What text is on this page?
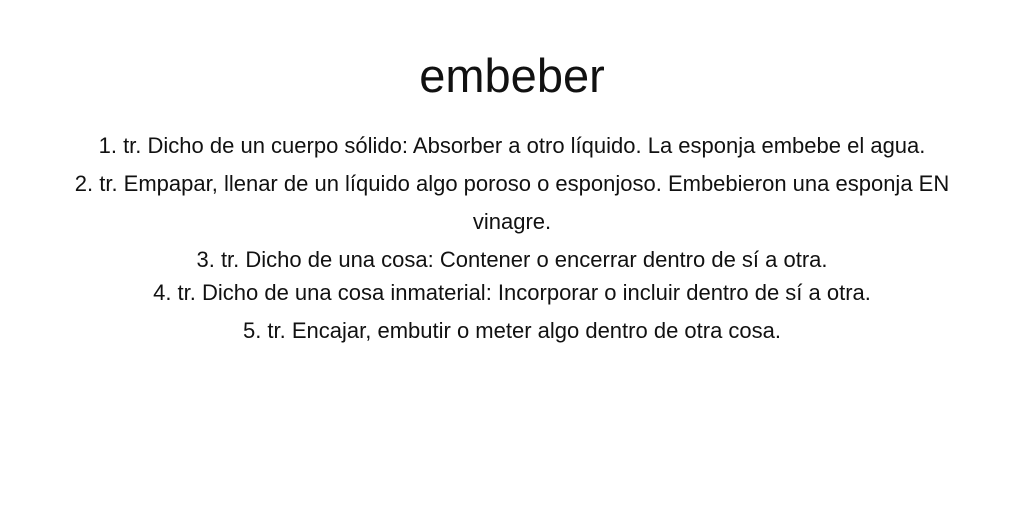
embeber
1. tr. Dicho de un cuerpo sólido: Absorber a otro líquido. La esponja embebe el agua.
2. tr. Empapar, llenar de un líquido algo poroso o esponjoso. Embebieron una esponja EN vinagre.
3. tr. Dicho de una cosa: Contener o encerrar dentro de sí a otra.
4. tr. Dicho de una cosa inmaterial: Incorporar o incluir dentro de sí a otra.
5. tr. Encajar, embutir o meter algo dentro de otra cosa.
